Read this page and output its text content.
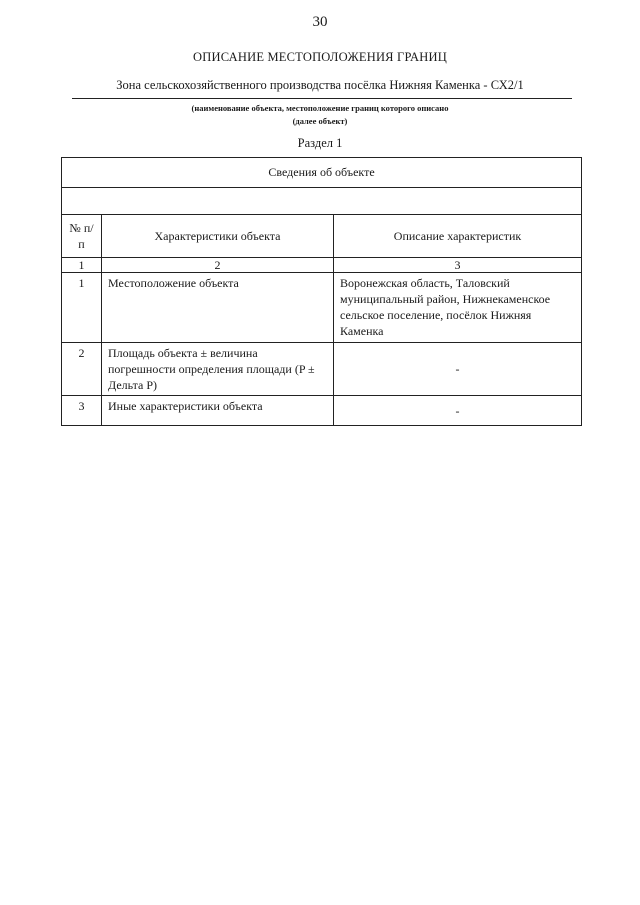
30
ОПИСАНИЕ МЕСТОПОЛОЖЕНИЯ ГРАНИЦ
Зона сельскохозяйственного производства посёлка Нижняя Каменка - СХ2/1
(наименование объекта, местоположение границ которого описано
(далее объект)
Раздел 1
Сведения об объекте		

№ п/п	Характеристики объекта	Описание характеристик
1	2	3
1	Местоположение объекта	Воронежская область, Таловский муниципальный район, Нижнекаменское сельское поселение, посёлок Нижняя Каменка
2	Площадь объекта ± величина погрешности определения площади (P ± Дельта P)	-
3	Иные характеристики объекта	-
